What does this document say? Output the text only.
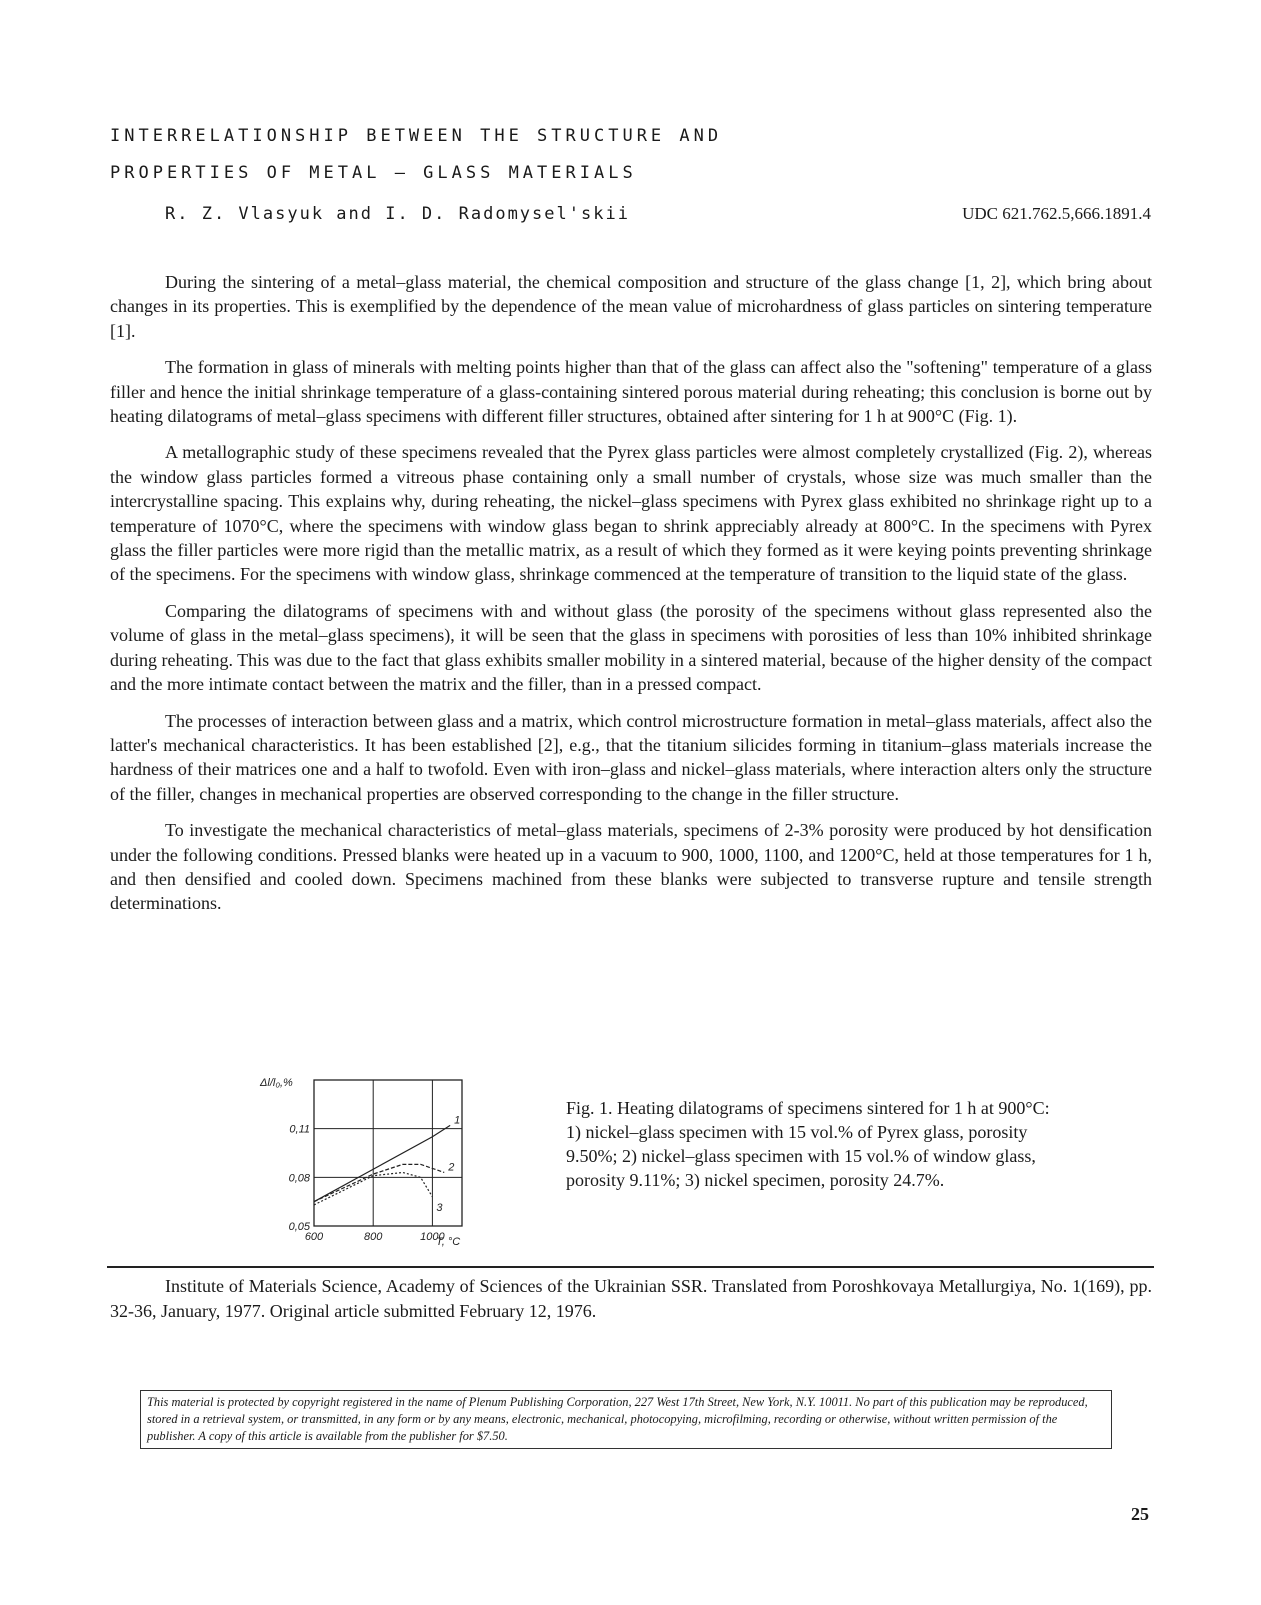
INTERRELATIONSHIP BETWEEN THE STRUCTURE AND
PROPERTIES OF METAL – GLASS MATERIALS
R. Z. Vlasyuk and I. D. Radomysel'skii	UDC 621.762.5,666.1891.4

During the sintering of a metal–glass material, the chemical composition and structure of the glass change [1, 2], which bring about changes in its properties. This is exemplified by the dependence of the mean value of microhardness of glass particles on sintering temperature [1].

The formation in glass of minerals with melting points higher than that of the glass can affect also the "softening" temperature of a glass filler and hence the initial shrinkage temperature of a glass-containing sintered porous material during reheating; this conclusion is borne out by heating dilatograms of metal–glass specimens with different filler structures, obtained after sintering for 1 h at 900°C (Fig. 1).

A metallographic study of these specimens revealed that the Pyrex glass particles were almost completely crystallized (Fig. 2), whereas the window glass particles formed a vitreous phase containing only a small number of crystals, whose size was much smaller than the intercrystalline spacing. This explains why, during reheating, the nickel–glass specimens with Pyrex glass exhibited no shrinkage right up to a temperature of 1070°C, where the specimens with window glass began to shrink appreciably already at 800°C. In the specimens with Pyrex glass the filler particles were more rigid than the metallic matrix, as a result of which they formed as it were keying points preventing shrinkage of the specimens. For the specimens with window glass, shrinkage commenced at the temperature of transition to the liquid state of the glass.

Comparing the dilatograms of specimens with and without glass (the porosity of the specimens without glass represented also the volume of glass in the metal–glass specimens), it will be seen that the glass in specimens with porosities of less than 10% inhibited shrinkage during reheating. This was due to the fact that glass exhibits smaller mobility in a sintered material, because of the higher density of the compact and the more intimate contact between the matrix and the filler, than in a pressed compact.

The processes of interaction between glass and a matrix, which control microstructure formation in metal–glass materials, affect also the latter's mechanical characteristics. It has been established [2], e.g., that the titanium silicides forming in titanium–glass materials increase the hardness of their matrices one and a half to twofold. Even with iron–glass and nickel–glass materials, where interaction alters only the structure of the filler, changes in mechanical properties are observed corresponding to the change in the filler structure.

To investigate the mechanical characteristics of metal–glass materials, specimens of 2-3% porosity were produced by hot densification under the following conditions. Pressed blanks were heated up in a vacuum to 900, 1000, 1100, and 1200°C, held at those temperatures for 1 h, and then densified and cooled down. Specimens machined from these blanks were subjected to transverse rupture and tensile strength determinations.

600	800	1000
0,05
0,08
0,11
1
2
3
Δl/l₀,%
T, °C

Fig. 1. Heating dilatograms of specimens sintered for 1 h at 900°C: 1) nickel–glass specimen with 15 vol.% of Pyrex glass, porosity 9.50%; 2) nickel–glass specimen with 15 vol.% of window glass, porosity 9.11%; 3) nickel specimen, porosity 24.7%.

Institute of Materials Science, Academy of Sciences of the Ukrainian SSR. Translated from Poroshkovaya Metallurgiya, No. 1(169), pp. 32-36, January, 1977. Original article submitted February 12, 1976.

This material is protected by copyright registered in the name of Plenum Publishing Corporation, 227 West 17th Street, New York, N.Y. 10011. No part of this publication may be reproduced, stored in a retrieval system, or transmitted, in any form or by any means, electronic, mechanical, photocopying, microfilming, recording or otherwise, without written permission of the publisher. A copy of this article is available from the publisher for $7.50.

25
